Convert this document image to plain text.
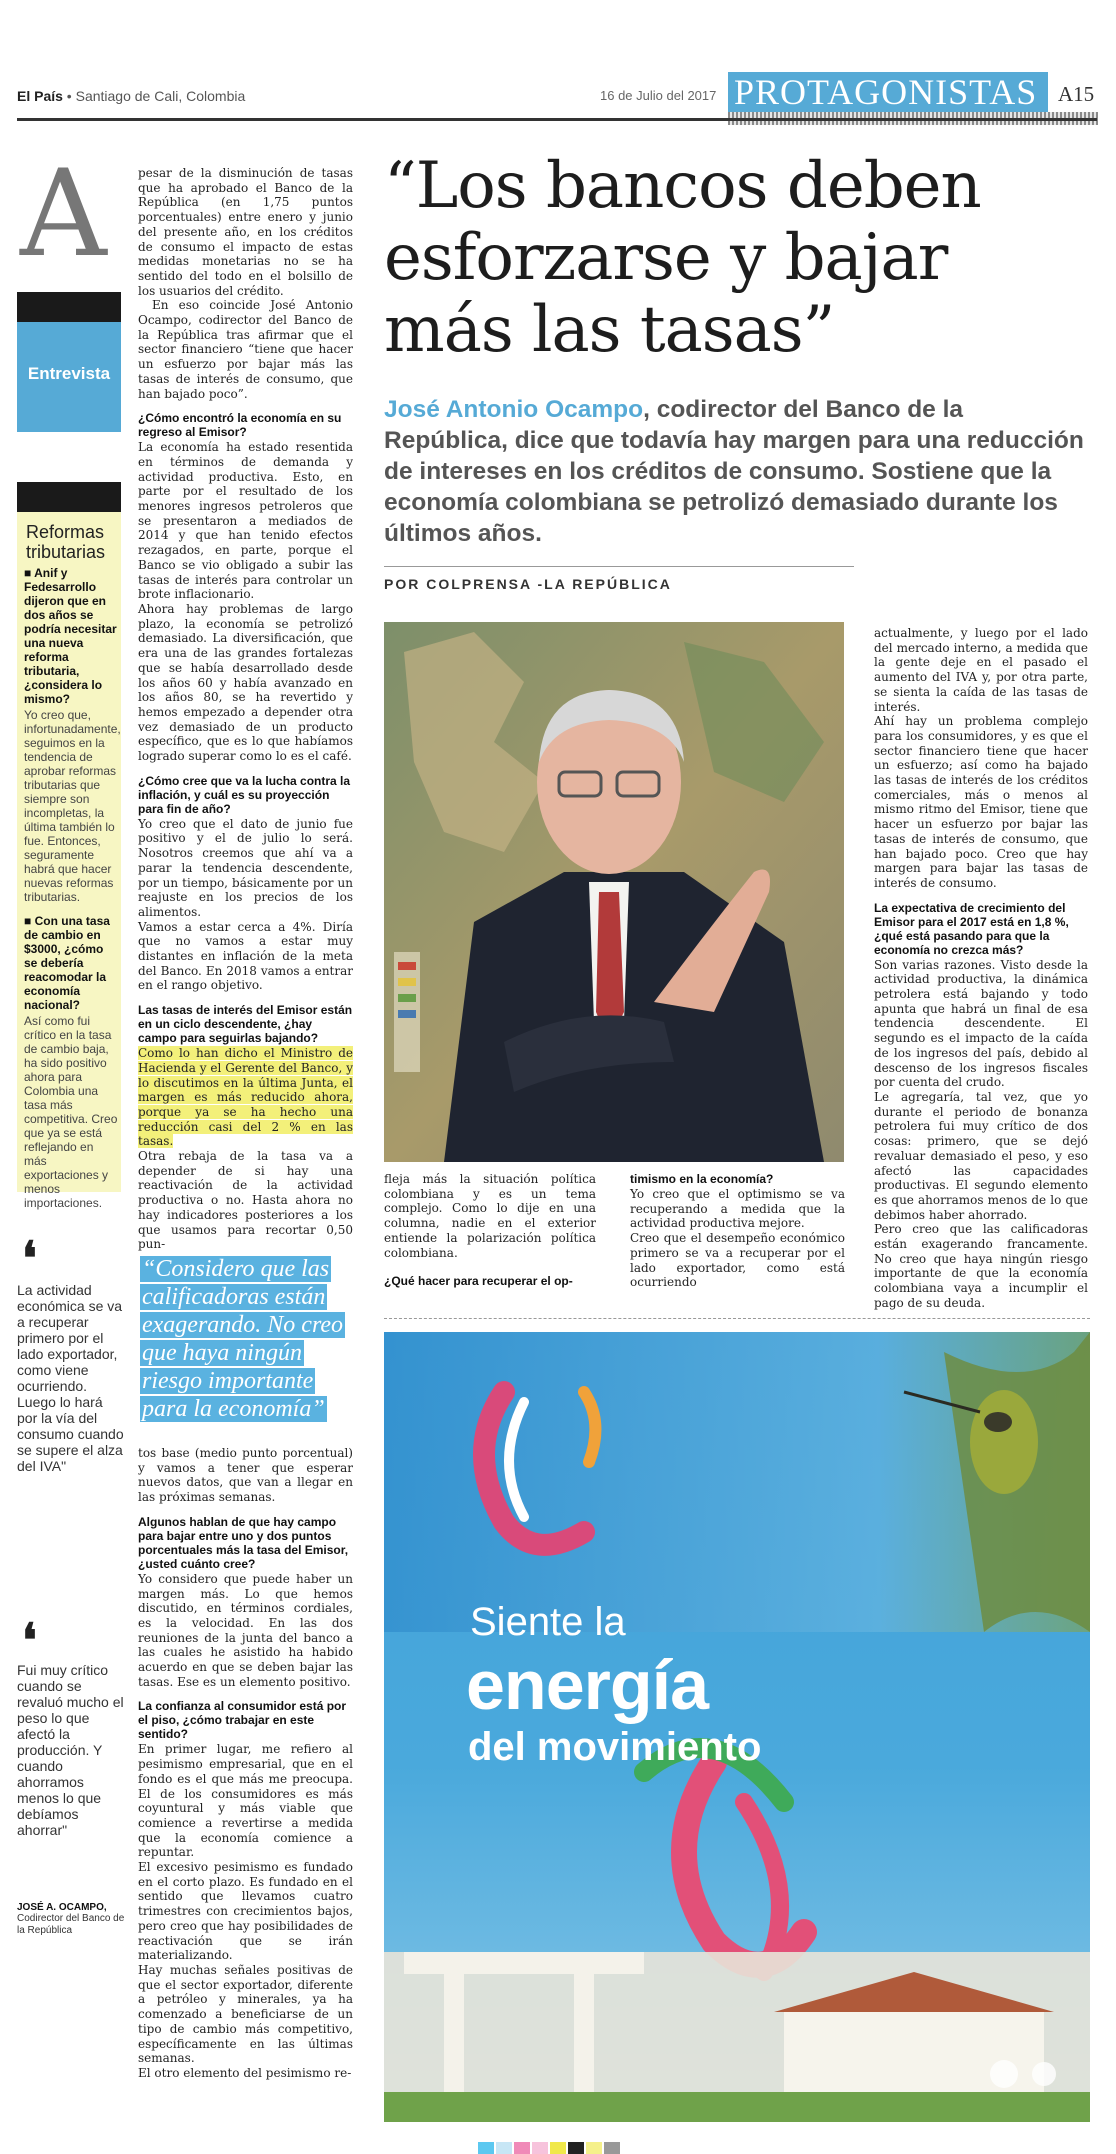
El País • Santiago de Cali, Colombia	16 de Julio del 2017 PROTAGONISTAS A15
A
Entrevista
Reformas tributarias
■ Anif y Fedesarrollo dijeron que en dos años se podría necesitar una nueva reforma tributaria, ¿considera lo mismo?
Yo creo que, infortunadamente, seguimos en la tendencia de aprobar reformas tributarias que siempre son incompletas, la última también lo fue. Entonces, seguramente habrá que hacer nuevas reformas tributarias.
■ Con una tasa de cambio en $3000, ¿cómo se debería reacomodar la economía nacional?
Así como fui crítico en la tasa de cambio baja, ha sido positivo ahora para Colombia una tasa más competitiva. Creo que ya se está reflejando en más exportaciones y menos importaciones.
❛
La actividad económica se va a recuperar primero por el lado exportador, como viene ocurriendo. Luego lo hará por la vía del consumo cuando se supere el alza del IVA"
❛
Fui muy crítico cuando se revaluó mucho el peso lo que afectó la producción. Y cuando ahorramos menos lo que debíamos ahorrar"
JOSÉ A. OCAMPO,
Codirector del Banco de la República

pesar de la disminución de tasas que ha aprobado el Banco de la República (en 1,75 puntos porcentuales) entre enero y junio del presente año, en los créditos de consumo el impacto de estas medidas monetarias no se ha sentido del todo en el bolsillo de los usuarios del crédito.

En eso coincide José Antonio Ocampo, codirector del Banco de la República tras afirmar que el sector financiero “tiene que hacer un esfuerzo por bajar más las tasas de interés de consumo, que han bajado poco”.

¿Cómo encontró la economía en su regreso al Emisor?

La economía ha estado resentida en términos de demanda y actividad productiva. Esto, en parte por el resultado de los menores ingresos petroleros que se presentaron a mediados de 2014 y que han tenido efectos rezagados, en parte, porque el Banco se vio obligado a subir las tasas de interés para controlar un brote inflacionario.

Ahora hay problemas de largo plazo, la economía se petrolizó demasiado. La diversificación, que era una de las grandes fortalezas que se había desarrollado desde los años 60 y había avanzado en los años 80, se ha revertido y hemos empezado a depender otra vez demasiado de un producto específico, que es lo que habíamos logrado superar como lo es el café.

¿Cómo cree que va la lucha contra la inflación, y cuál es su proyección para fin de año?

Yo creo que el dato de junio fue positivo y el de julio lo será. Nosotros creemos que ahí va a parar la tendencia descendente, por un tiempo, básicamente por un reajuste en los precios de los alimentos.

Vamos a estar cerca a 4%. Diría que no vamos a estar muy distantes en inflación de la meta del Banco. En 2018 vamos a entrar en el rango objetivo.

Las tasas de interés del Emisor están en un ciclo descendente, ¿hay campo para seguirlas bajando?

Como lo han dicho el Ministro de Hacienda y el Gerente del Banco, y lo discutimos en la última Junta, el margen es más reducido ahora, porque ya se ha hecho una reducción casi del 2 % en las tasas.

Otra rebaja de la tasa va a depender de si hay una reactivación de la actividad productiva o no. Hasta ahora no hay indicadores posteriores a los que usamos para recortar 0,50 pun-

“Considero que las calificadoras están exagerando. No creo que haya ningún riesgo importante para la economía”

tos base (medio punto porcentual) y vamos a tener que esperar nuevos datos, que van a llegar en las próximas semanas.

Algunos hablan de que hay campo para bajar entre uno y dos puntos porcentuales más la tasa del Emisor, ¿usted cuánto cree?

Yo considero que puede haber un margen más. Lo que hemos discutido, en términos cordiales, es la velocidad. En las dos reuniones de la junta del banco a las cuales he asistido ha habido acuerdo en que se deben bajar las tasas. Ese es un elemento positivo.

La confianza al consumidor está por el piso, ¿cómo trabajar en este sentido?

En primer lugar, me refiero al pesimismo empresarial, que en el fondo es el que más me preocupa. El de los consumidores es más coyuntural y más viable que comience a revertirse a medida que la economía comience a repuntar.

El excesivo pesimismo es fundado en el corto plazo. Es fundado en el sentido que llevamos cuatro trimestres con crecimientos bajos, pero creo que hay posibilidades de reactivación que se irán materializando.

Hay muchas señales positivas de que el sector exportador, diferente a petróleo y minerales, ya ha comenzado a beneficiarse de un tipo de cambio más competitivo, específicamente en las últimas semanas.

El otro elemento del pesimismo re-

“Los bancos deben esforzarse y bajar más las tasas”
José Antonio Ocampo, codirector del Banco de la República, dice que todavía hay margen para una reducción de intereses en los créditos de consumo. Sostiene que la economía colombiana se petrolizó demasiado durante los últimos años.
POR COLPRENSA -LA REPÚBLICA

fleja más la situación política colombiana y es un tema complejo. Como lo dije en una columna, nadie en el exterior entiende la polarización política colombiana.

¿Qué hacer para recuperar el op-
timismo en la economía?

Yo creo que el optimismo se va recuperando a medida que la actividad productiva mejore.

Creo que el desempeño económico primero se va a recuperar por el lado exportador, como está ocurriendo

actualmente, y luego por el lado del mercado interno, a medida que la gente deje en el pasado el aumento del IVA y, por otra parte, se sienta la caída de las tasas de interés.

Ahí hay un problema complejo para los consumidores, y es que el sector financiero tiene que hacer un esfuerzo; así como ha bajado las tasas de interés de los créditos comerciales, más o menos al mismo ritmo del Emisor, tiene que hacer un esfuerzo por bajar las tasas de interés de consumo, que han bajado poco. Creo que hay margen para bajar las tasas de interés de consumo.

La expectativa de crecimiento del Emisor para el 2017 está en 1,8 %, ¿qué está pasando para que la economía no crezca más?

Son varias razones. Visto desde la actividad productiva, la dinámica petrolera está bajando y todo apunta que habrá un final de esa tendencia descendente. El segundo es el impacto de la caída de los ingresos del país, debido al descenso de los ingresos fiscales por cuenta del crudo.

Le agregaría, tal vez, que yo durante el periodo de bonanza petrolera fui muy crítico de dos cosas: primero, que se dejó revaluar demasiado el peso, y eso afectó las capacidades productivas. El segundo elemento es que ahorramos menos de lo que debimos haber ahorrado.

Pero creo que las calificadoras están exagerando francamente. No creo que haya ningún riesgo importante de que la economía colombiana vaya a incumplir el pago de su deuda.

Siente la
energía
del movimiento
